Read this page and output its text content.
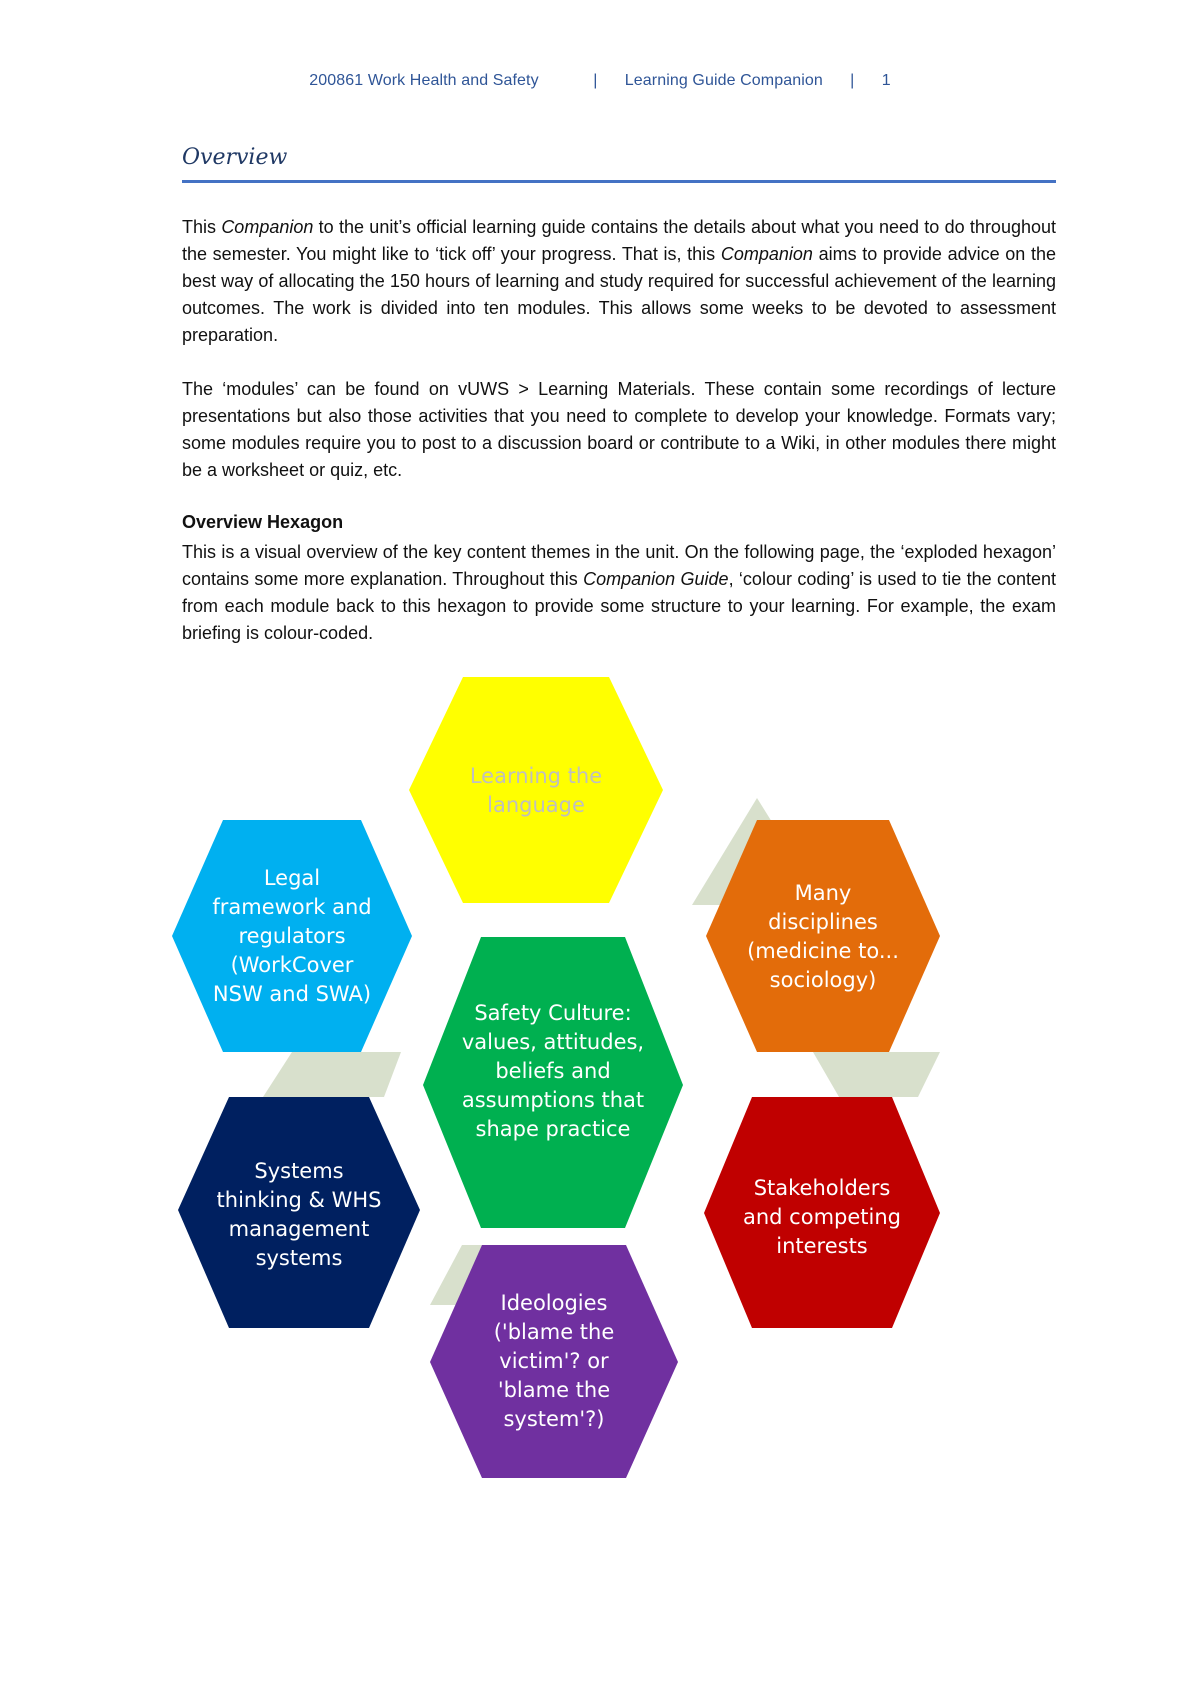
200861 Work Health and Safety	| Learning Guide Companion | 1
Overview
This Companion to the unit’s official learning guide contains the details about what you need to do throughout the semester. You might like to ‘tick off’ your progress. That is, this Companion aims to provide advice on the best way of allocating the 150 hours of learning and study required for successful achievement of the learning outcomes. The work is divided into ten modules. This allows some weeks to be devoted to assessment preparation.
The ‘modules’ can be found on vUWS > Learning Materials. These contain some recordings of lecture presentations but also those activities that you need to complete to develop your knowledge. Formats vary; some modules require you to post to a discussion board or contribute to a Wiki, in other modules there might be a worksheet or quiz, etc.
Overview Hexagon
This is a visual overview of the key content themes in the unit. On the following page, the ‘exploded hexagon’ contains some more explanation. Throughout this Companion Guide, ‘colour coding’ is used to tie the content from each module back to this hexagon to provide some structure to your learning. For example, the exam briefing is colour-coded.
Learning the language
Legal framework and regulators (WorkCover NSW and SWA)
Many disciplines (medicine to... sociology)
Safety Culture: values, attitudes, beliefs and assumptions that shape practice
Systems thinking & WHS management systems
Stakeholders and competing interests
Ideologies ('blame the victim'? or 'blame the system'?)
